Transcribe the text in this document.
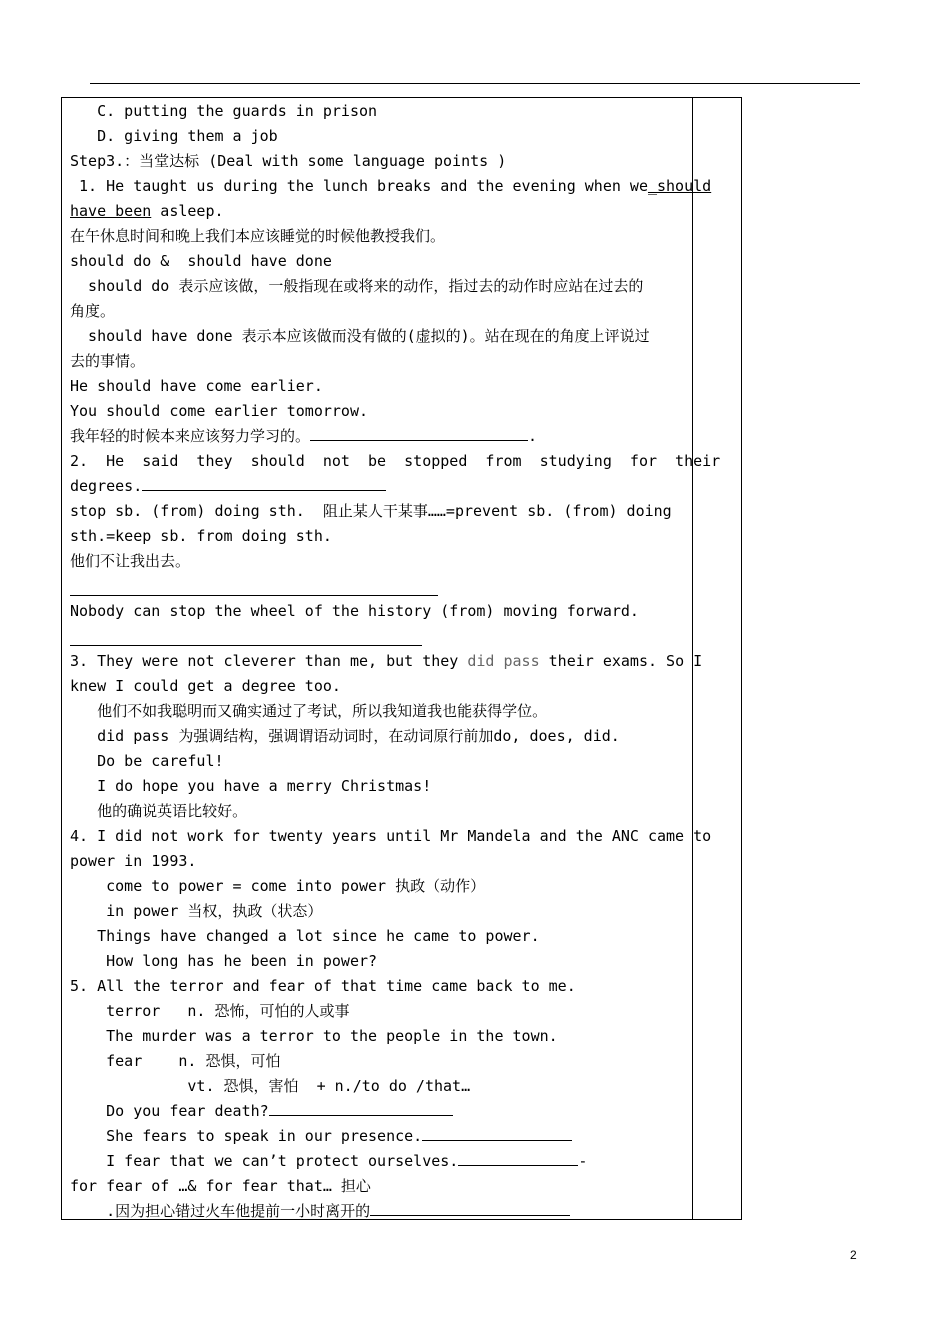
C. putting the guards in prison
D. giving them a job
Step3.：当堂达标 (Deal with some language points )
1. He taught us during the lunch breaks and the evening when we_should
have been asleep.
在午休息时间和晚上我们本应该睡觉的时候他教授我们。
should do &  should have done
should do 表示应该做，一般指现在或将来的动作，指过去的动作时应站在过去的
角度。
should have done 表示本应该做而没有做的(虚拟的)。站在现在的角度上评说过
去的事情。
He should have come earlier.
You should come earlier tomorrow.
我年轻的时候本来应该努力学习的。	.
2.  He  said  they  should  not  be  stopped  from  studying  for  their
degrees.
stop sb. (from) doing sth.  阻止某人干某事……=prevent sb. (from) doing
sth.=keep sb. from doing sth.
他们不让我出去。
Nobody can stop the wheel of the history (from) moving forward.
3. They were not cleverer than me, but they did pass their exams. So I
knew I could get a degree too.
他们不如我聪明而又确实通过了考试，所以我知道我也能获得学位。
did pass 为强调结构，强调谓语动词时，在动词原行前加do, does, did.
Do be careful!
I do hope you have a merry Christmas!
他的确说英语比较好。
4. I did not work for twenty years until Mr Mandela and the ANC came to
power in 1993.
come to power = come into power 执政（动作）
in power 当权，执政（状态）
Things have changed a lot since he came to power.
How long has he been in power?
5. All the terror and fear of that time came back to me.
terror   n. 恐怖，可怕的人或事
The murder was a terror to the people in the town.
fear    n. 恐惧，可怕
vt. 恐惧，害怕  + n./to do /that…
Do you fear death?
She fears to speak in our presence.
I fear that we can’t protect ourselves.	-
for fear of …& for fear that… 担心
.因为担心错过火车他提前一小时离开的
2
